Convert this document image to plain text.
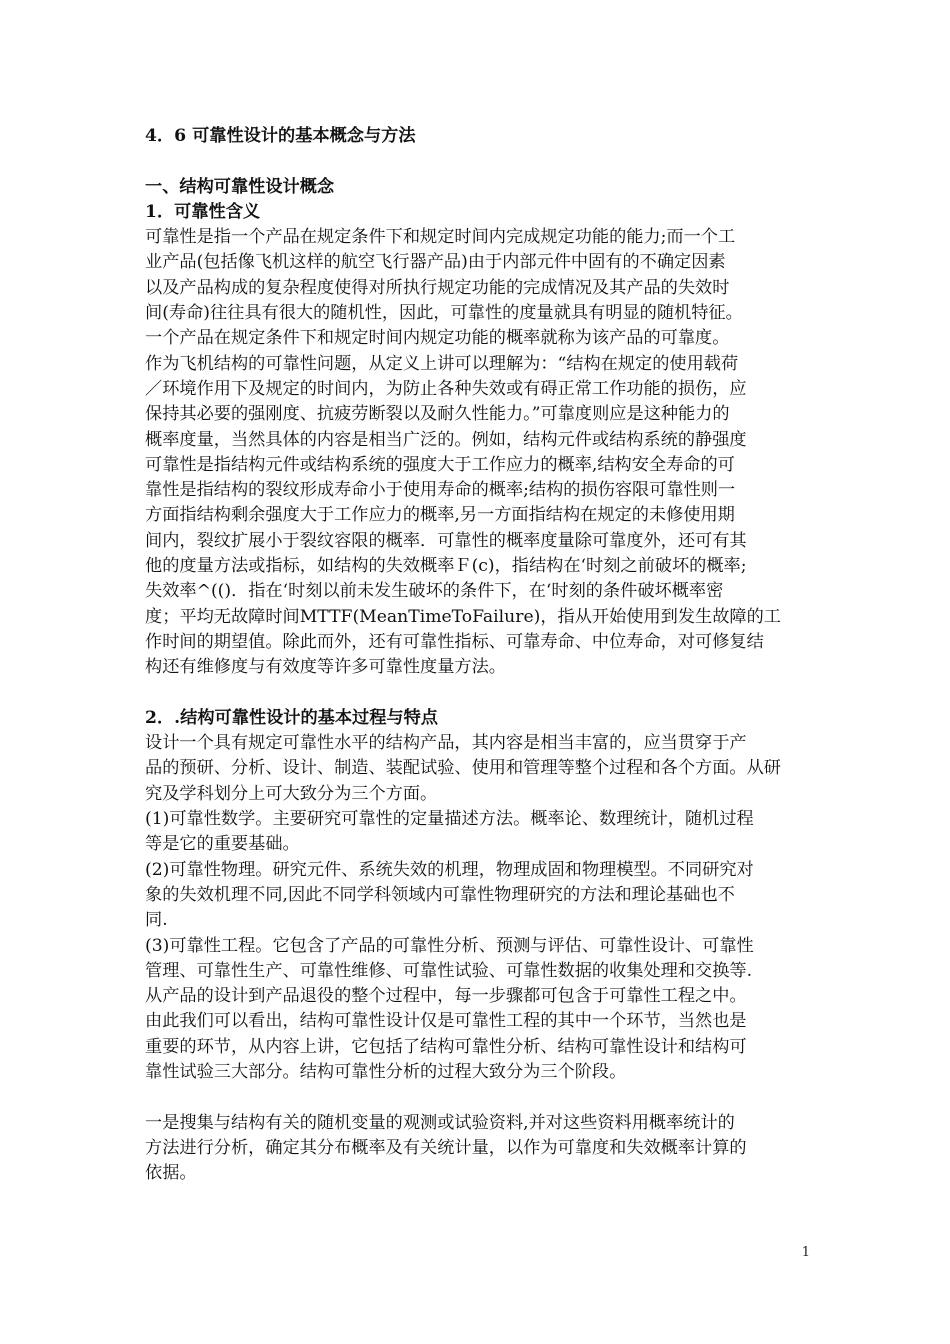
4．6 可靠性设计的基本概念与方法
一、结构可靠性设计概念
1．可靠性含义
可靠性是指一个产品在规定条件下和规定时间内完成规定功能的能力;而一个工
业产品(包括像飞机这样的航空飞行器产品)由于内部元件中固有的不确定因素
以及产品构成的复杂程度使得对所执行规定功能的完成情况及其产品的失效时
间(寿命)往往具有很大的随机性，因此，可靠性的度量就具有明显的随机特征。
一个产品在规定条件下和规定时间内规定功能的概率就称为该产品的可靠度。
作为飞机结构的可靠性问题，从定义上讲可以理解为：“结构在规定的使用载荷
／环境作用下及规定的时间内，为防止各种失效或有碍正常工作功能的损伤，应
保持其必要的强刚度、抗疲劳断裂以及耐久性能力。”可靠度则应是这种能力的
概率度量，当然具体的内容是相当广泛的。例如，结构元件或结构系统的静强度
可靠性是指结构元件或结构系统的强度大于工作应力的概率,结构安全寿命的可
靠性是指结构的裂纹形成寿命小于使用寿命的概率;结构的损伤容限可靠性则一
方面指结构剩余强度大于工作应力的概率,另一方面指结构在规定的未修使用期
间内，裂纹扩展小于裂纹容限的概率．可靠性的概率度量除可靠度外，还可有其
他的度量方法或指标，如结构的失效概率Ｆ(c)，指结构在‘时刻之前破坏的概率;
失效率^(()．指在‘时刻以前未发生破坏的条件下，在‘时刻的条件破坏概率密
度；平均无故障时间MTTF(MeanTimeToFailure)，指从开始使用到发生故障的工
作时间的期望值。除此而外，还有可靠性指标、可靠寿命、中位寿命，对可修复结
构还有维修度与有效度等许多可靠性度量方法。
2．.结构可靠性设计的基本过程与特点
设计一个具有规定可靠性水平的结构产品，其内容是相当丰富的，应当贯穿于产
品的预研、分析、设计、制造、装配试验、使用和管理等整个过程和各个方面。从研
究及学科划分上可大致分为三个方面。
(1)可靠性数学。主要研究可靠性的定量描述方法。概率论、数理统计，随机过程
等是它的重要基础。
(2)可靠性物理。研究元件、系统失效的机理，物理成固和物理模型。不同研究对
象的失效机理不同,因此不同学科领域内可靠性物理研究的方法和理论基础也不
同.
(3)可靠性工程。它包含了产品的可靠性分析、预测与评估、可靠性设计、可靠性
管理、可靠性生产、可靠性维修、可靠性试验、可靠性数据的收集处理和交换等.
从产品的设计到产品退役的整个过程中，每一步骤都可包含于可靠性工程之中。
由此我们可以看出，结构可靠性设计仅是可靠性工程的其中一个环节，当然也是
重要的环节，从内容上讲，它包括了结构可靠性分析、结构可靠性设计和结构可
靠性试验三大部分。结构可靠性分析的过程大致分为三个阶段。
一是搜集与结构有关的随机变量的观测或试验资料,并对这些资料用概率统计的
方法进行分析，确定其分布概率及有关统计量，以作为可靠度和失效概率计算的
依据。
1
